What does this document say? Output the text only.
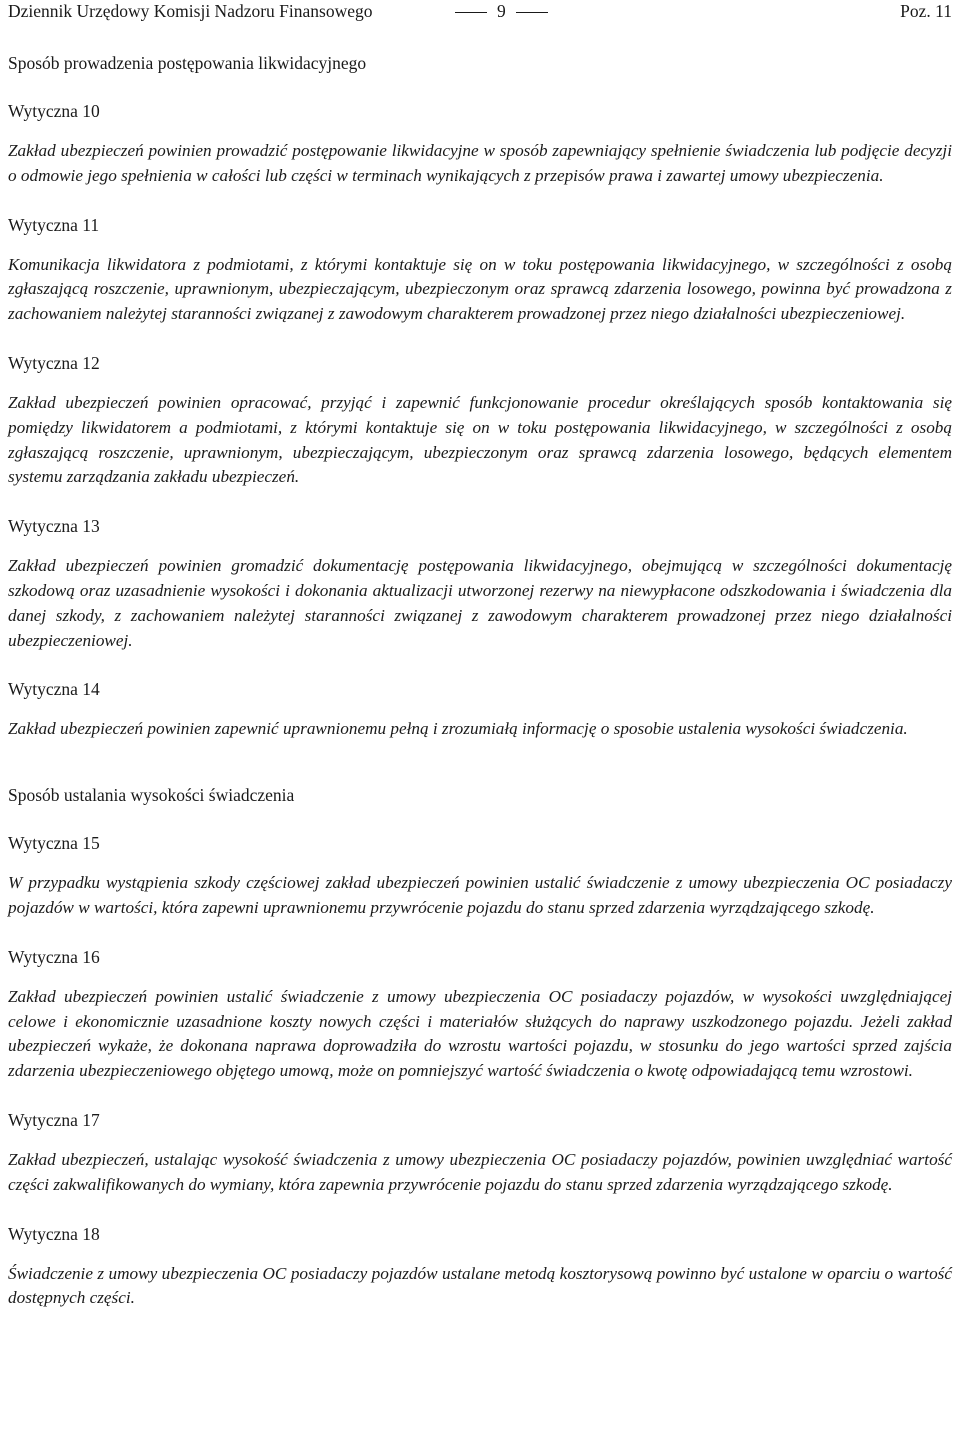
Dziennik Urzędowy Komisji Nadzoru Finansowego	9	Poz. 11
Sposób prowadzenia postępowania likwidacyjnego
Wytyczna 10
Zakład ubezpieczeń powinien prowadzić postępowanie likwidacyjne w sposób zapewniający spełnienie świadczenia lub podjęcie decyzji o odmowie jego spełnienia w całości lub części w terminach wynikających z przepisów prawa i zawartej umowy ubezpieczenia.
Wytyczna 11
Komunikacja likwidatora z podmiotami, z którymi kontaktuje się on w toku postępowania likwidacyjnego, w szczególności z osobą zgłaszającą roszczenie, uprawnionym, ubezpieczającym, ubezpieczonym oraz sprawcą zdarzenia losowego, powinna być prowadzona z zachowaniem należytej staranności związanej z zawodowym charakterem prowadzonej przez niego działalności ubezpieczeniowej.
Wytyczna 12
Zakład ubezpieczeń powinien opracować, przyjąć i zapewnić funkcjonowanie procedur określających sposób kontaktowania się pomiędzy likwidatorem a podmiotami, z którymi kontaktuje się on w toku postępowania likwidacyjnego, w szczególności z osobą zgłaszającą roszczenie, uprawnionym, ubezpieczającym, ubezpieczonym oraz sprawcą zdarzenia losowego, będących elementem systemu zarządzania zakładu ubezpieczeń.
Wytyczna 13
Zakład ubezpieczeń powinien gromadzić dokumentację postępowania likwidacyjnego, obejmującą w szczególności dokumentację szkodową oraz uzasadnienie wysokości i dokonania aktualizacji utworzonej rezerwy na niewypłacone odszkodowania i świadczenia dla danej szkody, z zachowaniem należytej staranności związanej z zawodowym charakterem prowadzonej przez niego działalności ubezpieczeniowej.
Wytyczna 14
Zakład ubezpieczeń powinien zapewnić uprawnionemu pełną i zrozumiałą informację o sposobie ustalenia wysokości świadczenia.
Sposób ustalania wysokości świadczenia
Wytyczna 15
W przypadku wystąpienia szkody częściowej zakład ubezpieczeń powinien ustalić świadczenie z umowy ubezpieczenia OC posiadaczy pojazdów w wartości, która zapewni uprawnionemu przywrócenie pojazdu do stanu sprzed zdarzenia wyrządzającego szkodę.
Wytyczna 16
Zakład ubezpieczeń powinien ustalić świadczenie z umowy ubezpieczenia OC posiadaczy pojazdów, w wysokości uwzględniającej celowe i ekonomicznie uzasadnione koszty nowych części i materiałów służących do naprawy uszkodzonego pojazdu. Jeżeli zakład ubezpieczeń wykaże, że dokonana naprawa doprowadziła do wzrostu wartości pojazdu, w stosunku do jego wartości sprzed zajścia zdarzenia ubezpieczeniowego objętego umową, może on pomniejszyć wartość świadczenia o kwotę odpowiadającą temu wzrostowi.
Wytyczna 17
Zakład ubezpieczeń, ustalając wysokość świadczenia z umowy ubezpieczenia OC posiadaczy pojazdów, powinien uwzględniać wartość części zakwalifikowanych do wymiany, która zapewnia przywrócenie pojazdu do stanu sprzed zdarzenia wyrządzającego szkodę.
Wytyczna 18
Świadczenie z umowy ubezpieczenia OC posiadaczy pojazdów ustalane metodą kosztorysową powinno być ustalone w oparciu o wartość dostępnych części.
